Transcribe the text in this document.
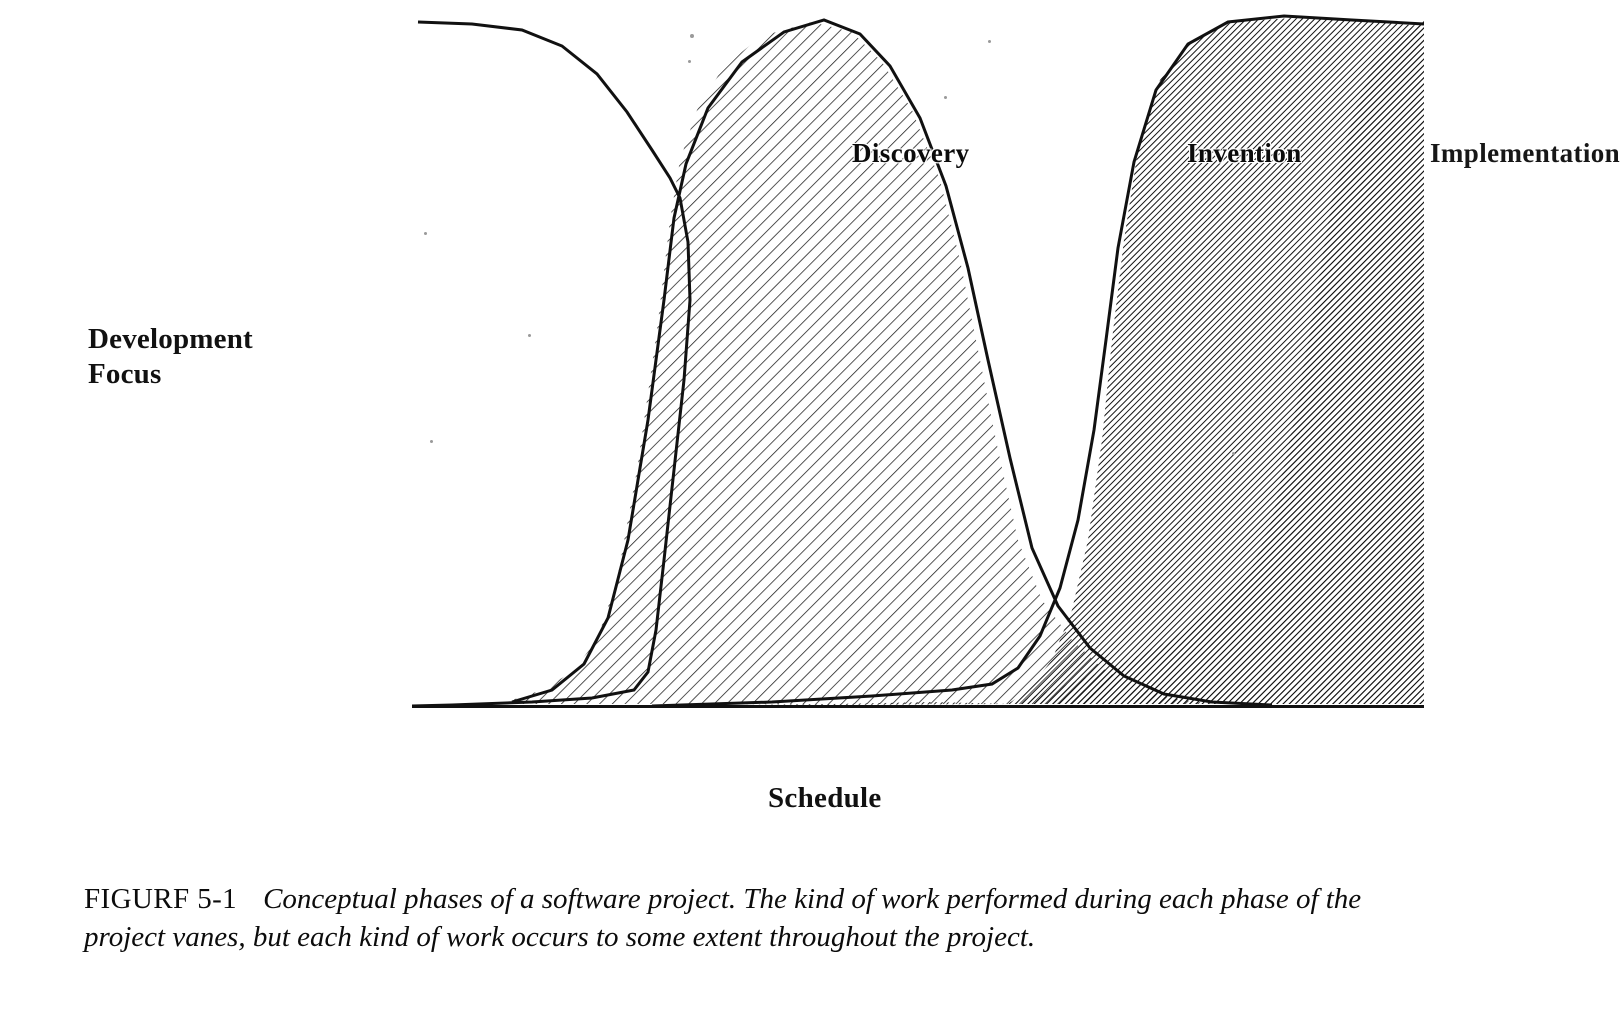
Development
Focus
Discovery	Invention	Implementation
Schedule
FIGURF 5-1 Conceptual phases of a software project. The kind of work performed during each phase of the project vanes, but each kind of work occurs to some extent throughout the project.
